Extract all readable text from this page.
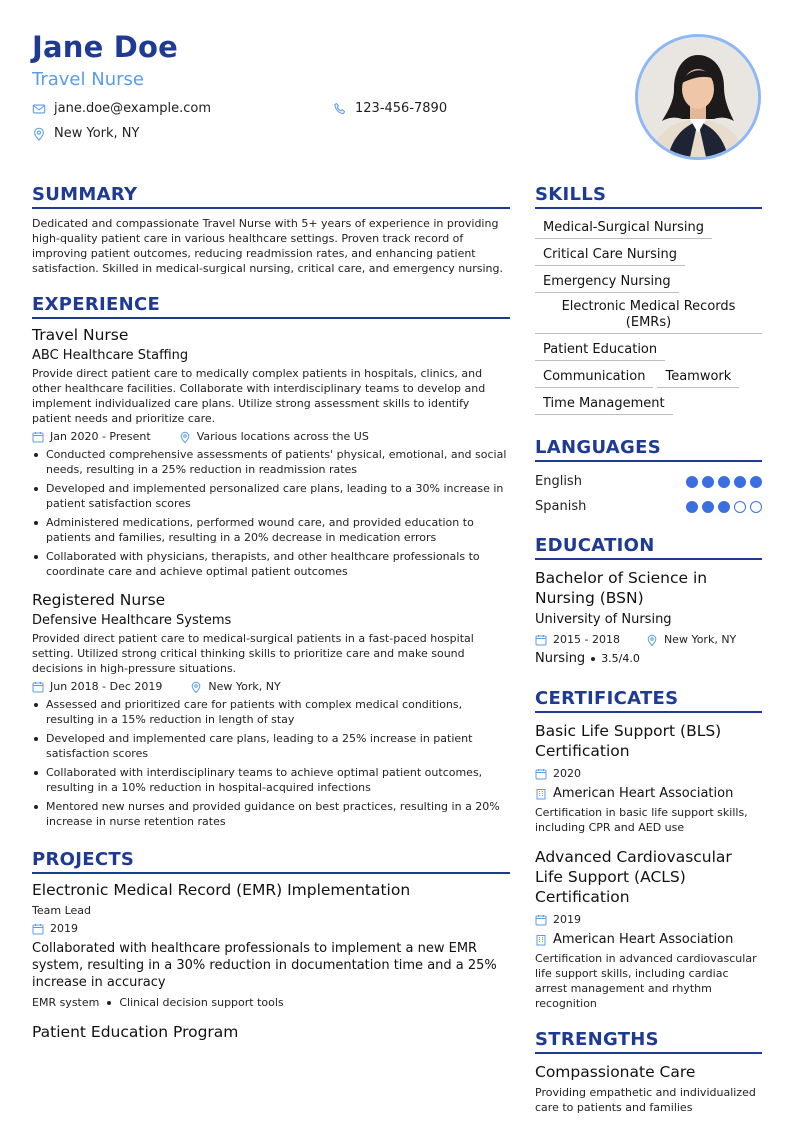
Jane Doe
Travel Nurse
jane.doe@example.com	123-456-7890
New York, NY
SUMMARY
Dedicated and compassionate Travel Nurse with 5+ years of experience in providing high-quality patient care in various healthcare settings. Proven track record of improving patient outcomes, reducing readmission rates, and enhancing patient satisfaction. Skilled in medical-surgical nursing, critical care, and emergency nursing.
EXPERIENCE
Travel Nurse
ABC Healthcare Staffing
Provide direct patient care to medically complex patients in hospitals, clinics, and other healthcare facilities. Collaborate with interdisciplinary teams to develop and implement individualized care plans. Utilize strong assessment skills to identify patient needs and prioritize care.
Jan 2020 - Present	Various locations across the US
Conducted comprehensive assessments of patients' physical, emotional, and social needs, resulting in a 25% reduction in readmission rates
Developed and implemented personalized care plans, leading to a 30% increase in patient satisfaction scores
Administered medications, performed wound care, and provided education to patients and families, resulting in a 20% decrease in medication errors
Collaborated with physicians, therapists, and other healthcare professionals to coordinate care and achieve optimal patient outcomes
Registered Nurse
Defensive Healthcare Systems
Provided direct patient care to medical-surgical patients in a fast-paced hospital setting. Utilized strong critical thinking skills to prioritize care and make sound decisions in high-pressure situations.
Jun 2018 - Dec 2019	New York, NY
Assessed and prioritized care for patients with complex medical conditions, resulting in a 15% reduction in length of stay
Developed and implemented care plans, leading to a 25% increase in patient satisfaction scores
Collaborated with interdisciplinary teams to achieve optimal patient outcomes, resulting in a 10% reduction in hospital-acquired infections
Mentored new nurses and provided guidance on best practices, resulting in a 20% increase in nurse retention rates
PROJECTS
Electronic Medical Record (EMR) Implementation
Team Lead
2019
Collaborated with healthcare professionals to implement a new EMR system, resulting in a 30% reduction in documentation time and a 25% increase in accuracy
EMR system Clinical decision support tools
Patient Education Program
SKILLS
Medical-Surgical Nursing
Critical Care Nursing
Emergency Nursing
Electronic Medical Records (EMRs)
Patient Education
Communication Teamwork
Time Management
LANGUAGES
English
Spanish
EDUCATION
Bachelor of Science in Nursing (BSN)
University of Nursing
2015 - 2018	New York, NY
Nursing 3.5/4.0
CERTIFICATES
Basic Life Support (BLS) Certification
2020
American Heart Association
Certification in basic life support skills, including CPR and AED use
Advanced Cardiovascular Life Support (ACLS) Certification
2019
American Heart Association
Certification in advanced cardiovascular life support skills, including cardiac arrest management and rhythm recognition
STRENGTHS
Compassionate Care
Providing empathetic and individualized care to patients and families
